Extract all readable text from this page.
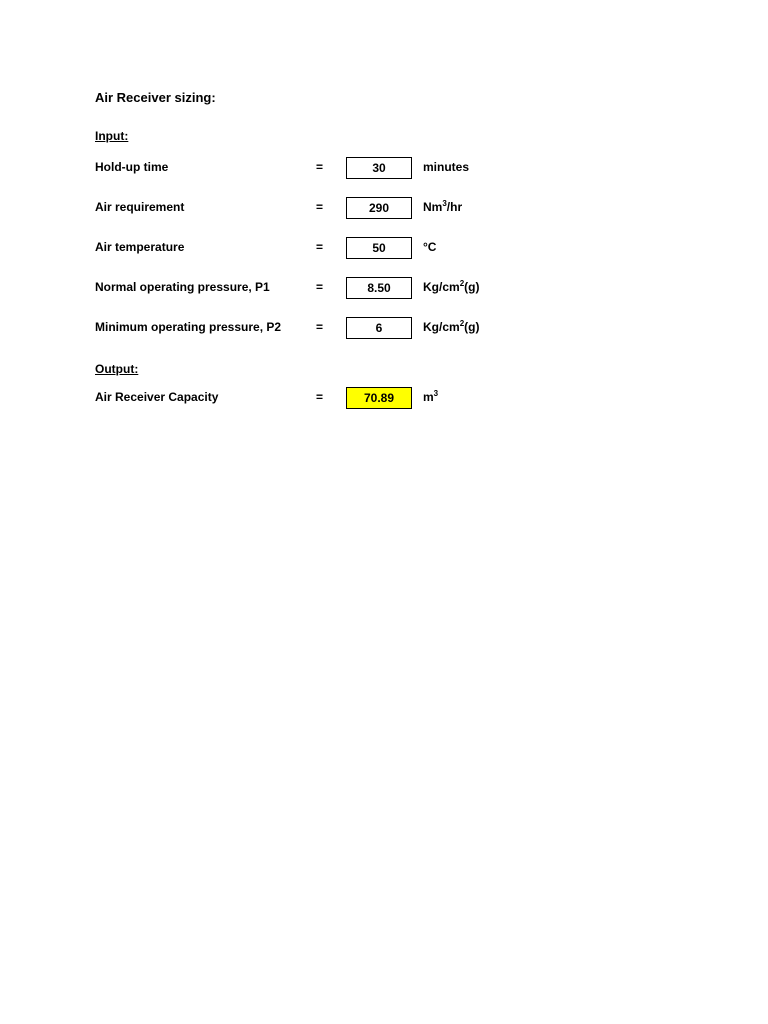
Air Receiver sizing:
Input:
Hold-up time	=	30	minutes
Air requirement	=	290	Nm$^3$/hr
Air temperature	=	50	°C
Normal operating pressure, P1	=	8.50	$Kg/cm^2(g)$
Minimum operating pressure, P2	=	6	$Kg/cm^2(g)$
Output:
Air Receiver Capacity	=	70.89	$m^3$
